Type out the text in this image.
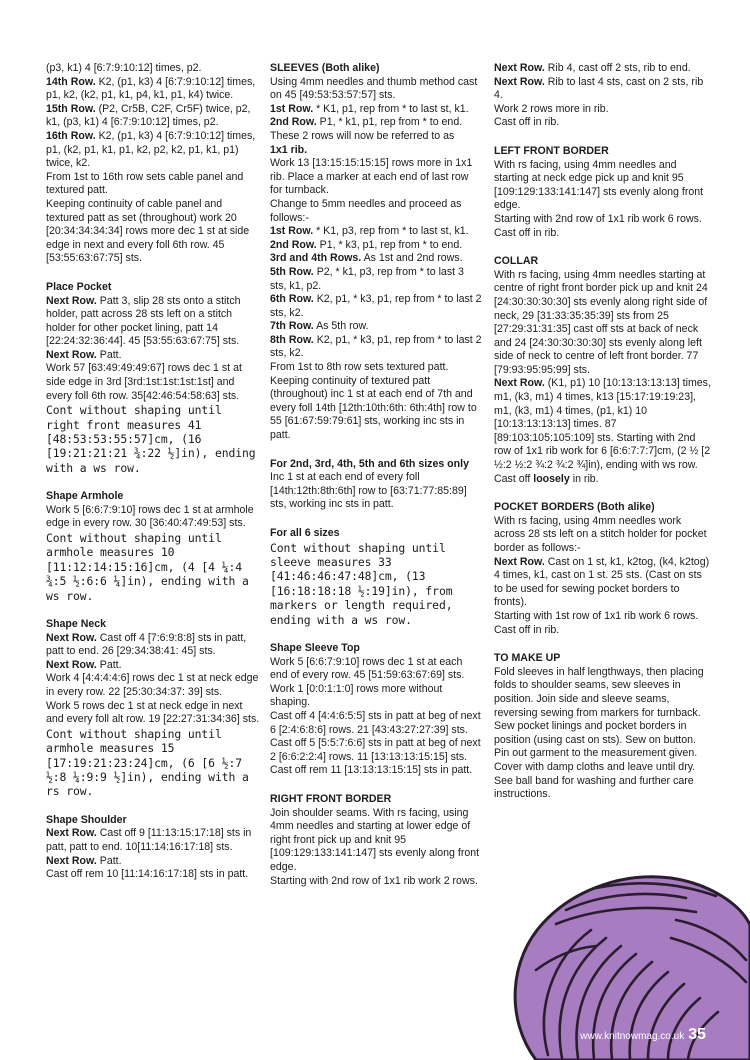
(p3, k1) 4 [6:7:9:10:12] times, p2.

14th Row. K2, (p1, k3) 4 [6:7:9:10:12] times, p1, k2, (k2, p1, k1, p4, k1, p1, k4) twice.

15th Row. (P2, Cr5B, C2F, Cr5F) twice, p2, k1, (p3, k1) 4 [6:7:9:10:12] times, p2.

16th Row. K2, (p1, k3) 4 [6:7:9:10:12] times, p1, (k2, p1, k1, p1, k2, p2, k2, p1, k1, p1) twice, k2.

From 1st to 16th row sets cable panel and textured patt.

Keeping continuity of cable panel and textured patt as set (throughout) work 20 [20:34:34:34:34] rows more dec 1 st at side edge in next and every foll 6th row. 45 [53:55:63:67:75] sts.

Place Pocket

Next Row. Patt 3, slip 28 sts onto a stitch holder, patt across 28 sts left on a stitch holder for other pocket lining, patt 14 [22:24:32:36:44]. 45 [53:55:63:67:75] sts.

Next Row. Patt.

Work 57 [63:49:49:49:67] rows dec 1 st at side edge in 3rd [3rd:1st:1st:1st:1st] and every foll 6th row. 35[42:46:54:58:63] sts.

Cont without shaping until right front measures 41 [48:53:53:55:57]cm, (16 [19:21:21:21 ¾:22 ½]in), ending with a ws row.

Shape Armhole

Work 5 [6:6:7:9:10] rows dec 1 st at armhole edge in every row. 30 [36:40:47:49:53] sts.

Cont without shaping until armhole measures 10 [11:12:14:15:16]cm, (4 [4 ¼:4 ¾:5 ½:6:6 ¼]in), ending with a ws row.

Shape Neck

Next Row. Cast off 4 [7:6:9:8:8] sts in patt, patt to end. 26 [29:34:38:41: 45] sts.

Next Row. Patt.

Work 4 [4:4:4:4:6] rows dec 1 st at neck edge in every row. 22 [25:30:34:37: 39] sts.

Work 5 rows dec 1 st at neck edge in next and every foll alt row. 19 [22:27:31:34:36] sts.

Cont without shaping until armhole measures 15 [17:19:21:23:24]cm, (6 [6 ½:7 ½:8 ¼:9:9 ½]in), ending with a rs row.

Shape Shoulder

Next Row. Cast off 9 [11:13:15:17:18] sts in patt, patt to end. 10[11:14:16:17:18] sts.

Next Row. Patt.

Cast off rem 10 [11:14:16:17:18] sts in patt.

SLEEVES (Both alike)

Using 4mm needles and thumb method cast on 45 [49:53:53:57:57] sts.

1st Row. * K1, p1, rep from * to last st, k1.

2nd Row. P1, * k1, p1, rep from * to end.

These 2 rows will now be referred to as

1x1 rib.

Work 13 [13:15:15:15:15] rows more in 1x1 rib. Place a marker at each end of last row for turnback.

Change to 5mm needles and proceed as follows:-

1st Row. * K1, p3, rep from * to last st, k1.

2nd Row. P1, * k3, p1, rep from * to end.

3rd and 4th Rows. As 1st and 2nd rows.

5th Row. P2, * k1, p3, rep from * to last 3 sts, k1, p2.

6th Row. K2, p1, * k3, p1, rep from * to last 2 sts, k2.

7th Row. As 5th row.

8th Row. K2, p1, * k3, p1, rep from * to last 2 sts, k2.

From 1st to 8th row sets textured patt. Keeping continuity of textured patt (throughout) inc 1 st at each end of 7th and every foll 14th [12th:10th:6th: 6th:4th] row to 55 [61:67:59:79:61] sts, working inc sts in patt.

For 2nd, 3rd, 4th, 5th and 6th sizes only

Inc 1 st at each end of every foll [14th:12th:8th:6th] row to [63:71:77:85:89] sts, working inc sts in patt.

For all 6 sizes

Cont without shaping until sleeve measures 33 [41:46:46:47:48]cm, (13 [16:18:18:18 ½:19]in), from markers or length required, ending with a ws row.

Shape Sleeve Top

Work 5 [6:6:7:9:10] rows dec 1 st at each end of every row. 45 [51:59:63:67:69] sts.

Work 1 [0:0:1:1:0] rows more without shaping.

Cast off 4 [4:4:6:5:5] sts in patt at beg of next 6 [2:4:6:8:6] rows. 21 [43:43:27:27:39] sts.

Cast off 5 [5:5:7:6:6] sts in patt at beg of next 2 [6:6:2:2:4] rows. 11 [13:13:13:15:15] sts.

Cast off rem 11 [13:13:13:15:15] sts in patt.

RIGHT FRONT BORDER

Join shoulder seams. With rs facing, using 4mm needles and starting at lower edge of right front pick up and knit 95 [109:129:133:141:147] sts evenly along front edge.

Starting with 2nd row of 1x1 rib work 2 rows.

Next Row. Rib 4, cast off 2 sts, rib to end.

Next Row. Rib to last 4 sts, cast on 2 sts, rib 4.

Work 2 rows more in rib.

Cast off in rib.

LEFT FRONT BORDER

With rs facing, using 4mm needles and starting at neck edge pick up and knit 95 [109:129:133:141:147] sts evenly along front edge.

Starting with 2nd row of 1x1 rib work 6 rows.

Cast off in rib.

COLLAR

With rs facing, using 4mm needles starting at centre of right front border pick up and knit 24 [24:30:30:30:30] sts evenly along right side of neck, 29 [31:33:35:35:39] sts from 25 [27:29:31:31:35] cast off sts at back of neck and 24 [24:30:30:30:30] sts evenly along left side of neck to centre of left front border. 77 [79:93:95:95:99] sts.

Next Row. (K1, p1) 10 [10:13:13:13:13] times, m1, (k3, m1) 4 times, k13 [15:17:19:19:23], m1, (k3, m1) 4 times, (p1, k1) 10 [10:13:13:13:13] times. 87 [89:103:105:105:109] sts. Starting with 2nd row of 1x1 rib work for 6 [6:6:7:7:7]cm, (2 ½ [2 ½:2 ½:2 ¾:2 ¾:2 ¾]in), ending with ws row.

Cast off loosely in rib.

POCKET BORDERS (Both alike)

With rs facing, using 4mm needles work across 28 sts left on a stitch holder for pocket border as follows:-

Next Row. Cast on 1 st, k1, k2tog, (k4, k2tog) 4 times, k1, cast on 1 st. 25 sts. (Cast on sts to be used for sewing pocket borders to fronts).

Starting with 1st row of 1x1 rib work 6 rows.

Cast off in rib.

TO MAKE UP

Fold sleeves in half lengthways, then placing folds to shoulder seams, sew sleeves in position. Join side and sleeve seams, reversing sewing from markers for turnback. Sew pocket linings and pocket borders in position (using cast on sts). Sew on button. Pin out garment to the measurement given. Cover with damp cloths and leave until dry. See ball band for washing and further care instructions.

www.knitnowmag.co.uk 35
